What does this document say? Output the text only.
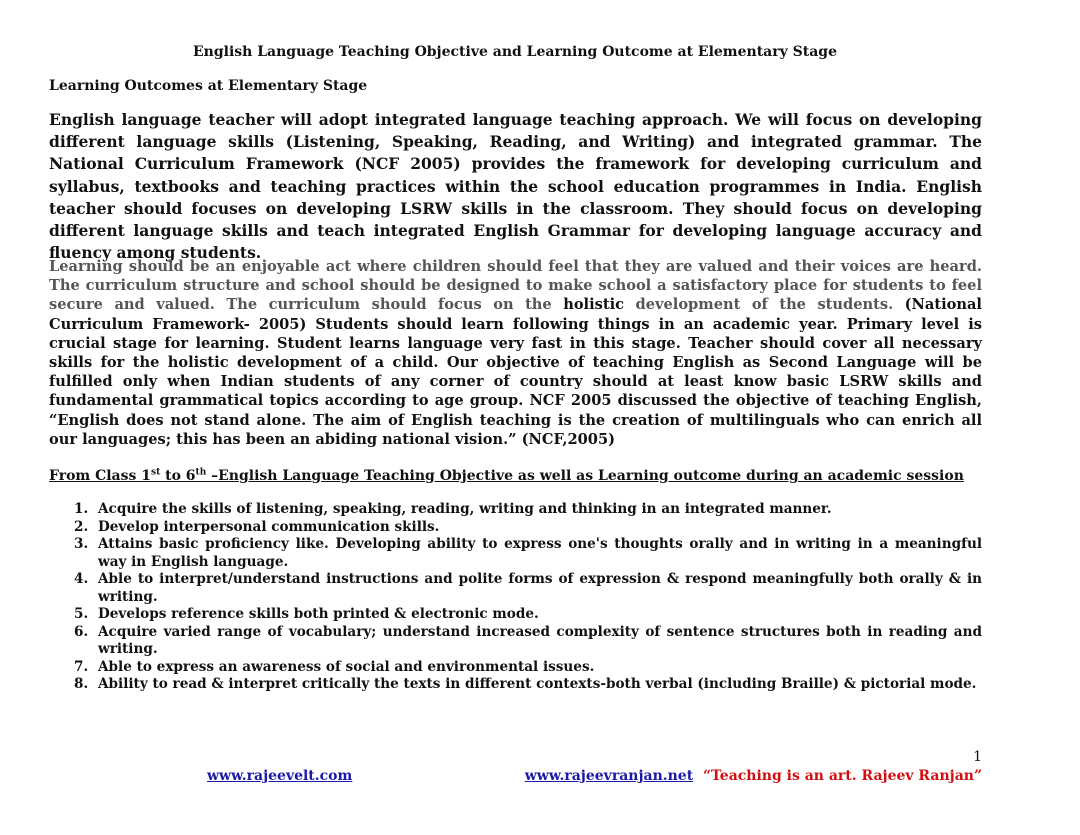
English Language Teaching Objective and Learning Outcome at Elementary Stage
Learning Outcomes at Elementary Stage

English language teacher will adopt integrated language teaching approach. We will focus on developing different language skills (Listening, Speaking, Reading, and Writing) and integrated grammar. The National Curriculum Framework (NCF 2005) provides the framework for developing curriculum and syllabus, textbooks and teaching practices within the school education programmes in India. English teacher should focuses on developing LSRW skills in the classroom. They should focus on developing different language skills and teach integrated English Grammar for developing language accuracy and fluency among students.

Learning should be an enjoyable act where children should feel that they are valued and their voices are heard. The curriculum structure and school should be designed to make school a satisfactory place for students to feel secure and valued. The curriculum should focus on the holistic development of the students. (National Curriculum Framework- 2005) Students should learn following things in an academic year. Primary level is crucial stage for learning. Student learns language very fast in this stage. Teacher should cover all necessary skills for the holistic development of a child. Our objective of teaching English as Second Language will be fulfilled only when Indian students of any corner of country should at least know basic LSRW skills and fundamental grammatical topics according to age group. NCF 2005 discussed the objective of teaching English, “English does not stand alone. The aim of English teaching is the creation of multilinguals who can enrich all our languages; this has been an abiding national vision.” (NCF,2005)

From Class 1st to 6th –English Language Teaching Objective as well as Learning outcome during an academic session
1. Acquire the skills of listening, speaking, reading, writing and thinking in an integrated manner.
2. Develop interpersonal communication skills.
3. Attains basic proficiency like. Developing ability to express one's thoughts orally and in writing in a meaningful way in English language.
4. Able to interpret/understand instructions and polite forms of expression & respond meaningfully both orally & in writing.
5. Develops reference skills both printed & electronic mode.
6. Acquire varied range of vocabulary; understand increased complexity of sentence structures both in reading and writing.
7. Able to express an awareness of social and environmental issues.
8. Ability to read & interpret critically the texts in different contexts-both verbal (including Braille) & pictorial mode.
1
www.rajeevelt.com	www.rajeevranjan.net “Teaching is an art. Rajeev Ranjan”
